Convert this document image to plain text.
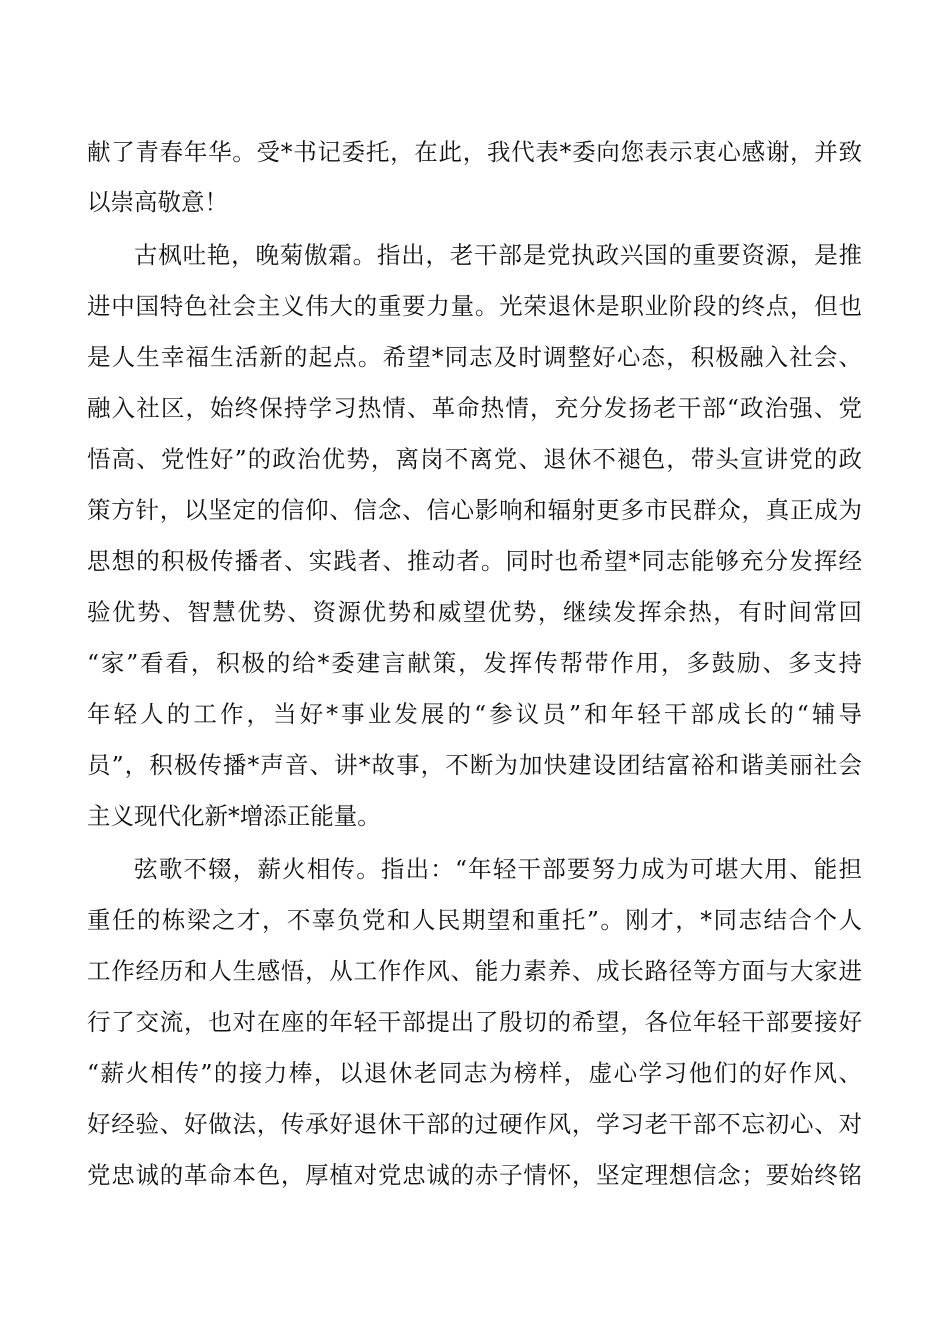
献了青春年华。受*书记委托，在此，我代表*委向您表示衷心感谢，并致
以崇高敬意！
古枫吐艳，晚菊傲霜。指出，老干部是党执政兴国的重要资源，是推
进中国特色社会主义伟大的重要力量。光荣退休是职业阶段的终点，但也
是人生幸福生活新的起点。希望*同志及时调整好心态，积极融入社会、
融入社区，始终保持学习热情、革命热情，充分发扬老干部“政治强、党
悟高、党性好”的政治优势，离岗不离党、退休不褪色，带头宣讲党的政
策方针，以坚定的信仰、信念、信心影响和辐射更多市民群众，真正成为
思想的积极传播者、实践者、推动者。同时也希望*同志能够充分发挥经
验优势、智慧优势、资源优势和威望优势，继续发挥余热，有时间常回
“家”看看，积极的给*委建言献策，发挥传帮带作用，多鼓励、多支持
年轻人的工作，当好*事业发展的“参议员”和年轻干部成长的“辅导
员”，积极传播*声音、讲*故事，不断为加快建设团结富裕和谐美丽社会
主义现代化新*增添正能量。
弦歌不辍，薪火相传。指出：“年轻干部要努力成为可堪大用、能担
重任的栋梁之才，不辜负党和人民期望和重托”。刚才，*同志结合个人
工作经历和人生感悟，从工作作风、能力素养、成长路径等方面与大家进
行了交流，也对在座的年轻干部提出了殷切的希望，各位年轻干部要接好
“薪火相传”的接力棒，以退休老同志为榜样，虚心学习他们的好作风、
好经验、好做法，传承好退休干部的过硬作风，学习老干部不忘初心、对
党忠诚的革命本色，厚植对党忠诚的赤子情怀，坚定理想信念；要始终铭
